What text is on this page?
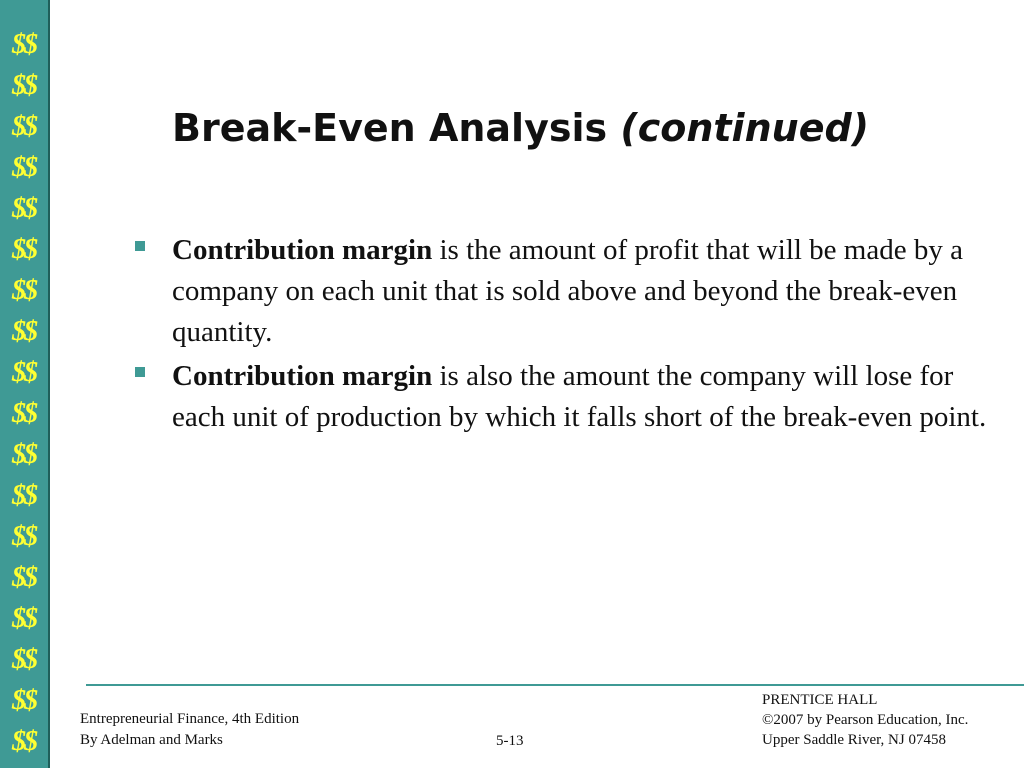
$$
$$
$$
$$
$$
$$
$$
$$
$$
$$
$$
$$
$$
$$
$$
$$
$$
$$
Break-Even Analysis (continued)
Contribution margin is the amount of profit that will be made by a company on each unit that is sold above and beyond the break-even quantity.
Contribution margin is also the amount the company will lose for each unit of production by which it falls short of the break-even point.
Entrepreneurial Finance, 4th Edition
By Adelman and Marks	5-13
PRENTICE HALL
©2007 by Pearson Education, Inc.
Upper Saddle River, NJ 07458
